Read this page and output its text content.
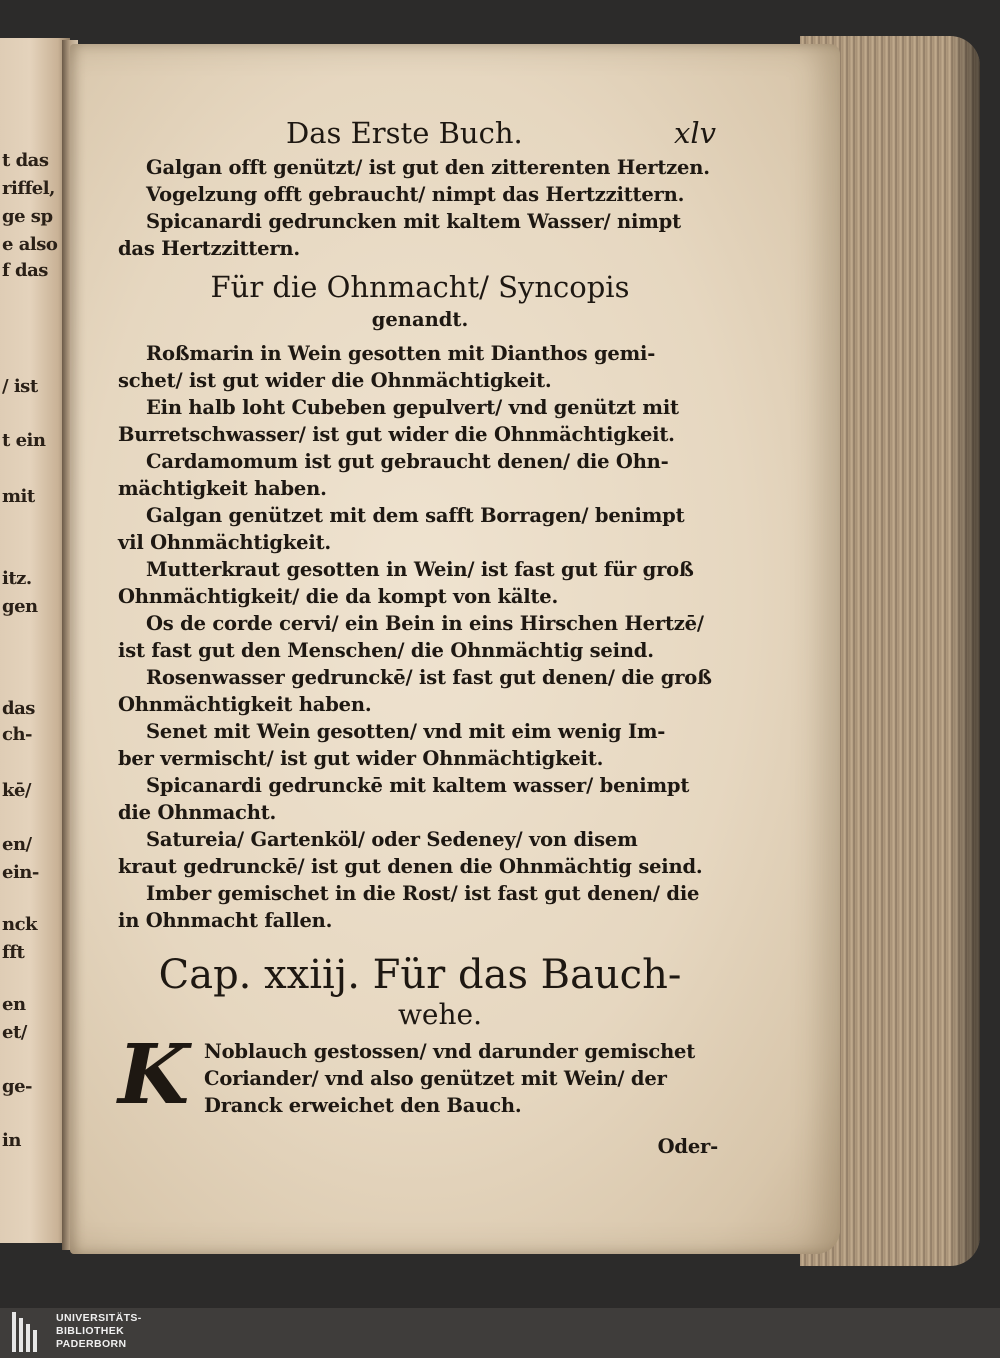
t das
riffel,
ge sp
e also
f das
/ ist
t ein
mit
itz.
gen
das
ch-
kē/
en/
ein-
nck
fft
en
et/
ge-
in
Das Erste Buch.	xlv
Galgan offt genützt/ ist gut den zitterenten Hertzen.
Vogelzung offt gebraucht/ nimpt das Hertzzittern.
Spicanardi gedruncken mit kaltem Wasser/ nimpt
das Hertzzittern.
Für die Ohnmacht/ Syncopis
genandt.
Roßmarin in Wein gesotten mit Dianthos gemi-
schet/ ist gut wider die Ohnmächtigkeit.
Ein halb loht Cubeben gepulvert/ vnd genützt mit
Burretschwasser/ ist gut wider die Ohnmächtigkeit.
Cardamomum ist gut gebraucht denen/ die Ohn-
mächtigkeit haben.
Galgan genützet mit dem safft Borragen/ benimpt
vil Ohnmächtigkeit.
Mutterkraut gesotten in Wein/ ist fast gut für groß
Ohnmächtigkeit/ die da kompt von kälte.
Os de corde cervi/ ein Bein in eins Hirschen Hertzē/
ist fast gut den Menschen/ die Ohnmächtig seind.
Rosenwasser gedrunckē/ ist fast gut denen/ die groß
Ohnmächtigkeit haben.
Senet mit Wein gesotten/ vnd mit eim wenig Im-
ber vermischt/ ist gut wider Ohnmächtigkeit.
Spicanardi gedrunckē mit kaltem wasser/ benimpt
die Ohnmacht.
Satureia/ Gartenköl/ oder Sedeney/ von disem
kraut gedrunckē/ ist gut denen die Ohnmächtig seind.
Imber gemischet in die Rost/ ist fast gut denen/ die
in Ohnmacht fallen.
Cap. xxiij. Für das Bauch-
wehe.
K Noblauch gestossen/ vnd darunder gemischet
Coriander/ vnd also genützet mit Wein/ der
Dranck erweichet den Bauch.
Oder-
UNIVERSITÄTS-
BIBLIOTHEK
PADERBORN
